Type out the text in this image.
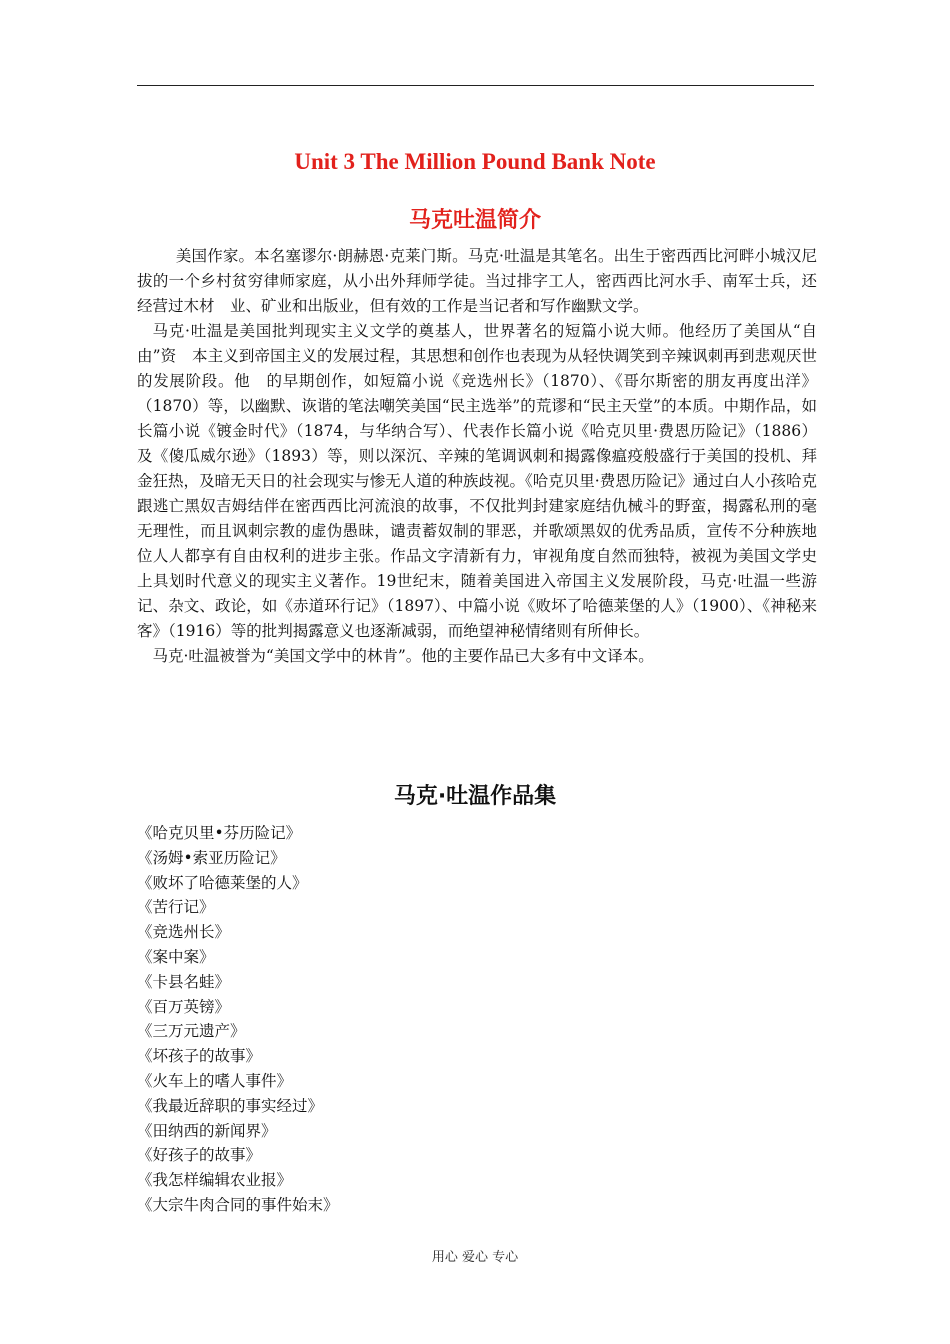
Unit 3 The Million Pound Bank Note
马克吐温简介

　美国作家。本名塞谬尔·朗赫恩·克莱门斯。马克·吐温是其笔名。出生于密西西比河畔小城汉尼拔的一个乡村贫穷律师家庭，从小出外拜师学徒。当过排字工人，密西西比河水手、南军士兵，还经营过木材　业、矿业和出版业，但有效的工作是当记者和写作幽默文学。

马克·吐温是美国批判现实主义文学的奠基人，世界著名的短篇小说大师。他经历了美国从“自由”资　本主义到帝国主义的发展过程，其思想和创作也表现为从轻快调笑到辛辣讽刺再到悲观厌世的发展阶段。他　的早期创作，如短篇小说《竞选州长》（1870）、《哥尔斯密的朋友再度出洋》（1870）等，以幽默、诙谐的笔法嘲笑美国“民主选举”的荒谬和“民主天堂”的本质。中期作品，如长篇小说《镀金时代》（1874，与华纳合写）、代表作长篇小说《哈克贝里·费恩历险记》（1886）及《傻瓜威尔逊》（1893）等，则以深沉、辛辣的笔调讽刺和揭露像瘟疫般盛行于美国的投机、拜金狂热，及暗无天日的社会现实与惨无人道的种族歧视。《哈克贝里·费恩历险记》通过白人小孩哈克跟逃亡黑奴吉姆结伴在密西西比河流浪的故事，不仅批判封建家庭结仇械斗的野蛮，揭露私刑的毫无理性，而且讽刺宗教的虚伪愚昧，谴责蓄奴制的罪恶，并歌颂黑奴的优秀品质，宣传不分种族地位人人都享有自由权利的进步主张。作品文字清新有力，审视角度自然而独特，被视为美国文学史上具划时代意义的现实主义著作。19世纪末，随着美国进入帝国主义发展阶段，马克·吐温一些游记、杂文、政论，如《赤道环行记》（1897）、中篇小说《败坏了哈德莱堡的人》（1900）、《神秘来客》（1916）等的批判揭露意义也逐渐减弱，而绝望神秘情绪则有所伸长。

马克·吐温被誉为“美国文学中的林肯”。他的主要作品已大多有中文译本。

马克·吐温作品集
《哈克贝里•芬历险记》
《汤姆•索亚历险记》
《败坏了哈德莱堡的人》
《苦行记》
《竞选州长》
《案中案》
《卡县名蛙》
《百万英镑》
《三万元遗产》
《坏孩子的故事》
《火车上的嗜人事件》
《我最近辞职的事实经过》
《田纳西的新闻界》
《好孩子的故事》
《我怎样编辑农业报》
《大宗牛肉合同的事件始末》
用心 爱心 专心
